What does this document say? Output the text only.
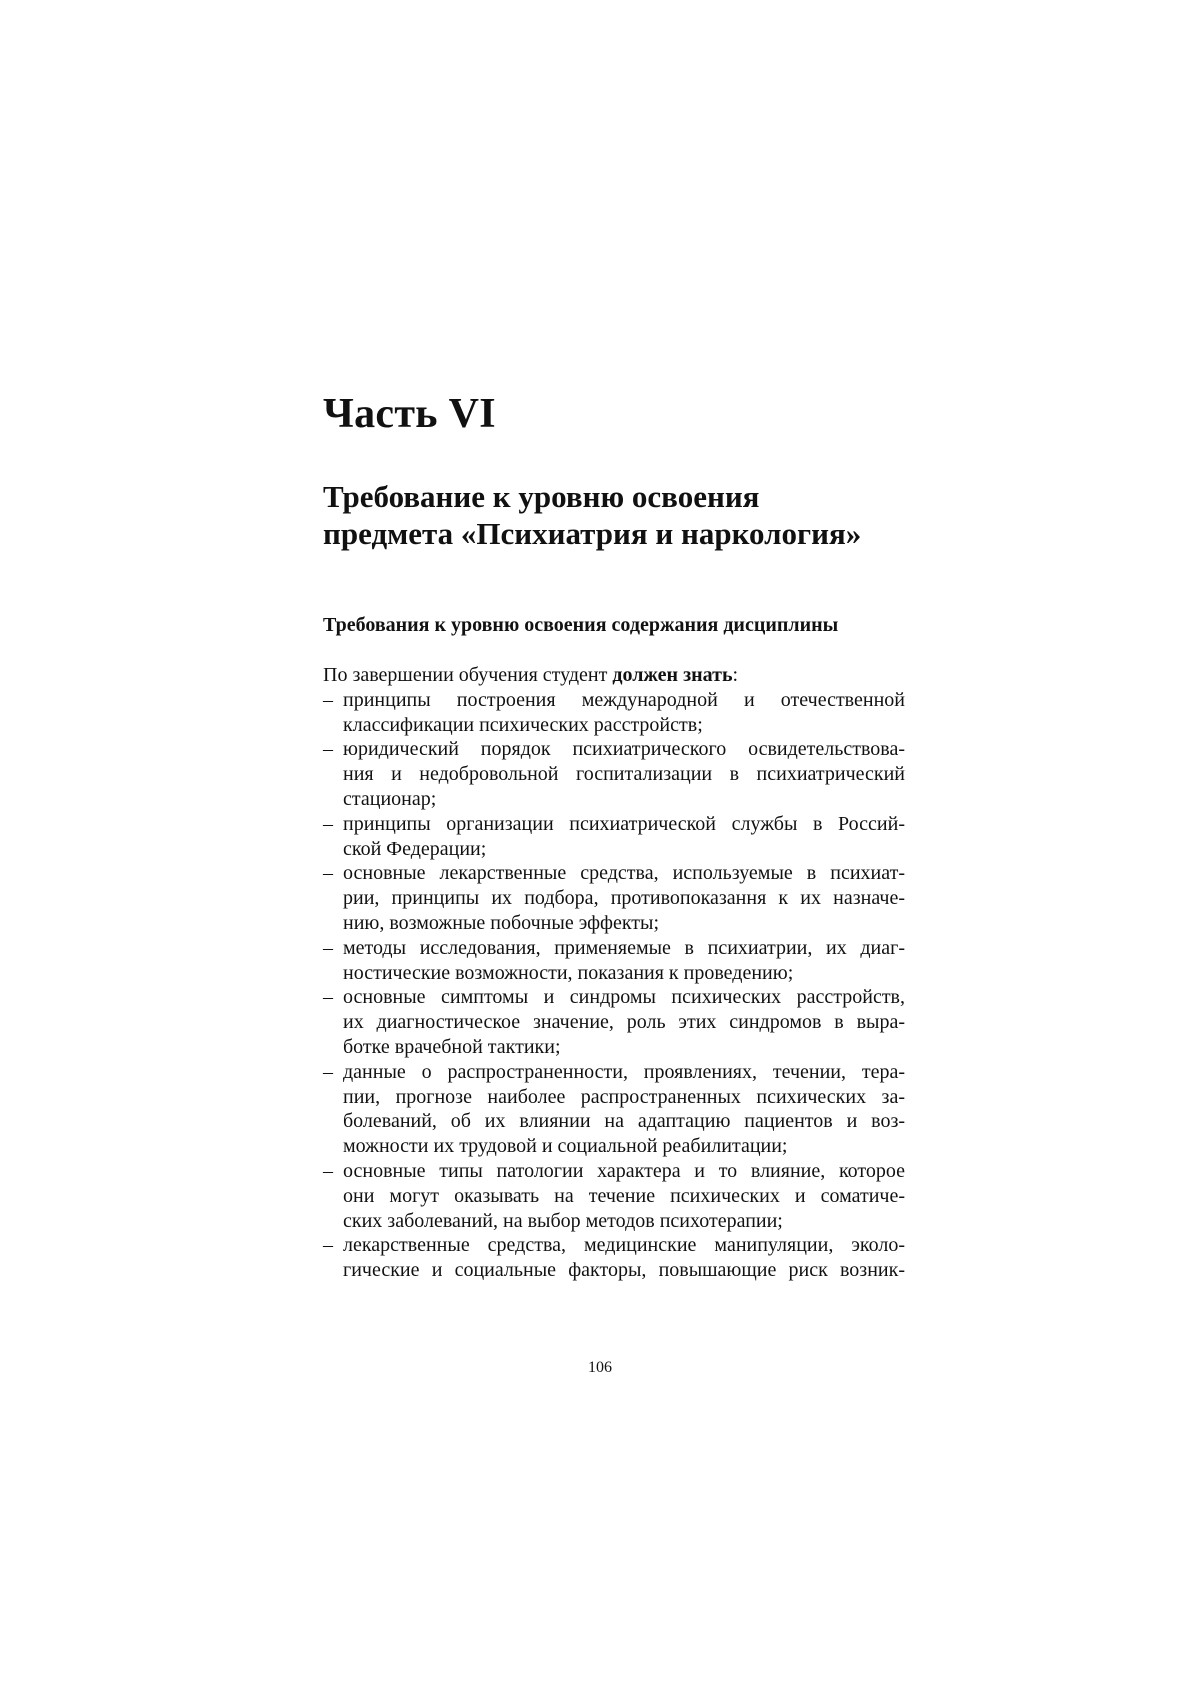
Часть VI
Требование к уровню освоения
предмета «Психиатрия и наркология»
Требования к уровню освоения содержания дисциплины

По завершении обучения студент должен знать:

– принципы построения международной и отечественной
классификации психических расстройств;
– юридический порядок психиатрического освидетельствова-
ния и недобровольной госпитализации в психиатрический
стационар;
– принципы организации психиатрической службы в Россий-
ской Федерации;
– основные лекарственные средства, используемые в психиат-
рии, принципы их подбора, противопоказання к их назначе-
нию, возможные побочные эффекты;
– методы исследования, применяемые в психиатрии, их диаг-
ностические возможности, показания к проведению;
– основные симптомы и синдромы психических расстройств,
их диагностическое значение, роль этих синдромов в выра-
ботке врачебной тактики;
– данные о распространенности, проявлениях, течении, тера-
пии, прогнозе наиболее распространенных психических за-
болеваний, об их влиянии на адаптацию пациентов и воз-
можности их трудовой и социальной реабилитации;
– основные типы патологии характера и то влияние, которое
они могут оказывать на течение психических и соматиче-
ских заболеваний, на выбор методов психотерапии;
– лекарственные средства, медицинские манипуляции, эколо-
гические и социальные факторы, повышающие риск возник-
106
